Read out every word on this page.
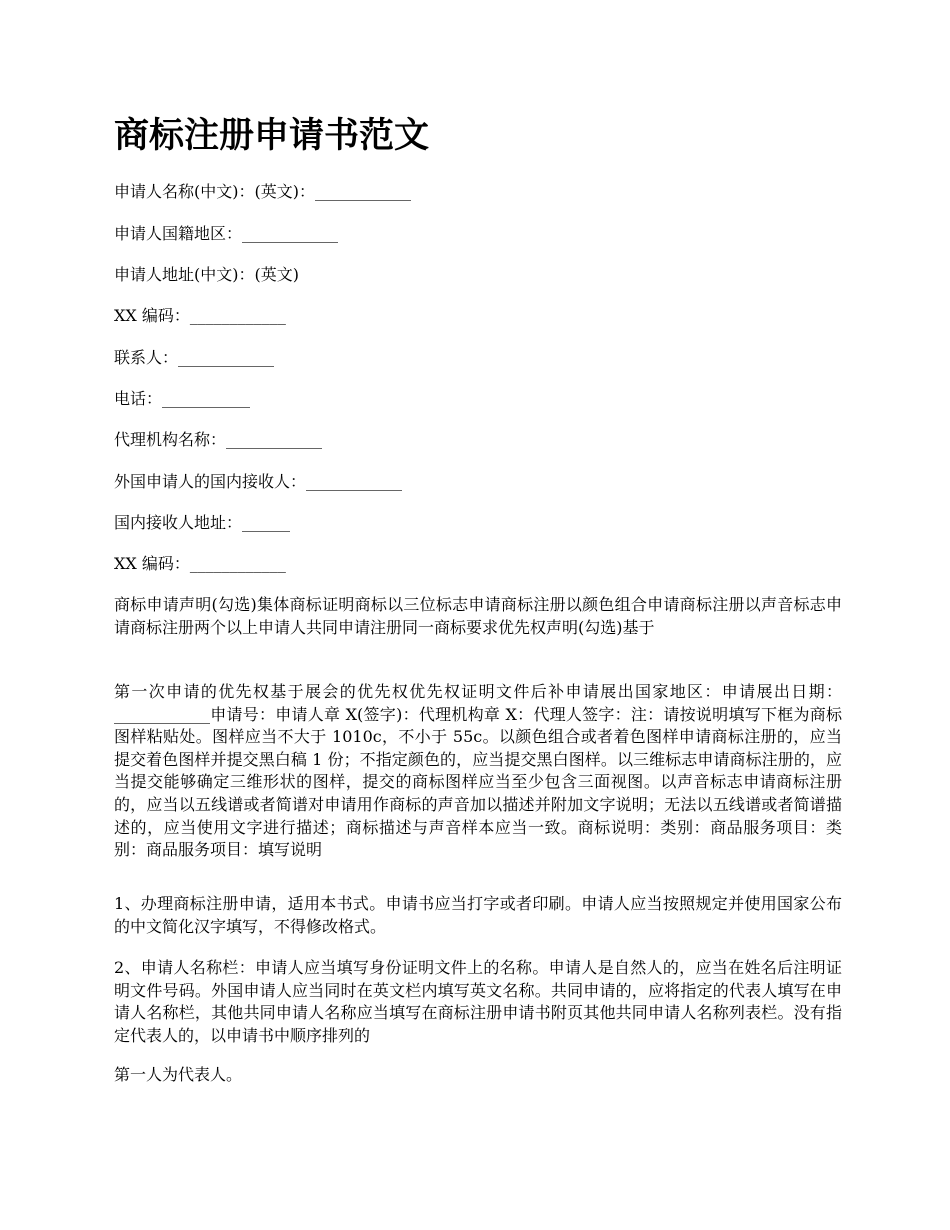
商标注册申请书范文
申请人名称(中文)：(英文)：____________
申请人国籍地区：____________
申请人地址(中文)：(英文)
XX 编码：____________
联系人：____________
电话：___________
代理机构名称：____________
外国申请人的国内接收人：____________
国内接收人地址：______
XX 编码：____________

商标申请声明(勾选)集体商标证明商标以三位标志申请商标注册以颜色组合申请商标注册以声音标志申请商标注册两个以上申请人共同申请注册同一商标要求优先权声明(勾选)基于

第一次申请的优先权基于展会的优先权优先权证明文件后补申请展出国家地区：申请展出日期：____________申请号：申请人章 X(签字)：代理机构章 X：代理人签字：注：请按说明填写下框为商标图样粘贴处。图样应当不大于 1010c，不小于 55c。以颜色组合或者着色图样申请商标注册的，应当提交着色图样并提交黑白稿 1 份；不指定颜色的，应当提交黑白图样。以三维标志申请商标注册的，应当提交能够确定三维形状的图样，提交的商标图样应当至少包含三面视图。以声音标志申请商标注册的，应当以五线谱或者简谱对申请用作商标的声音加以描述并附加文字说明；无法以五线谱或者简谱描述的，应当使用文字进行描述；商标描述与声音样本应当一致。商标说明：类别：商品服务项目：类别：商品服务项目：填写说明

1、办理商标注册申请，适用本书式。申请书应当打字或者印刷。申请人应当按照规定并使用国家公布的中文简化汉字填写，不得修改格式。

2、申请人名称栏：申请人应当填写身份证明文件上的名称。申请人是自然人的，应当在姓名后注明证明文件号码。外国申请人应当同时在英文栏内填写英文名称。共同申请的，应将指定的代表人填写在申请人名称栏，其他共同申请人名称应当填写在商标注册申请书附页其他共同申请人名称列表栏。没有指定代表人的，以申请书中顺序排列的

第一人为代表人。
